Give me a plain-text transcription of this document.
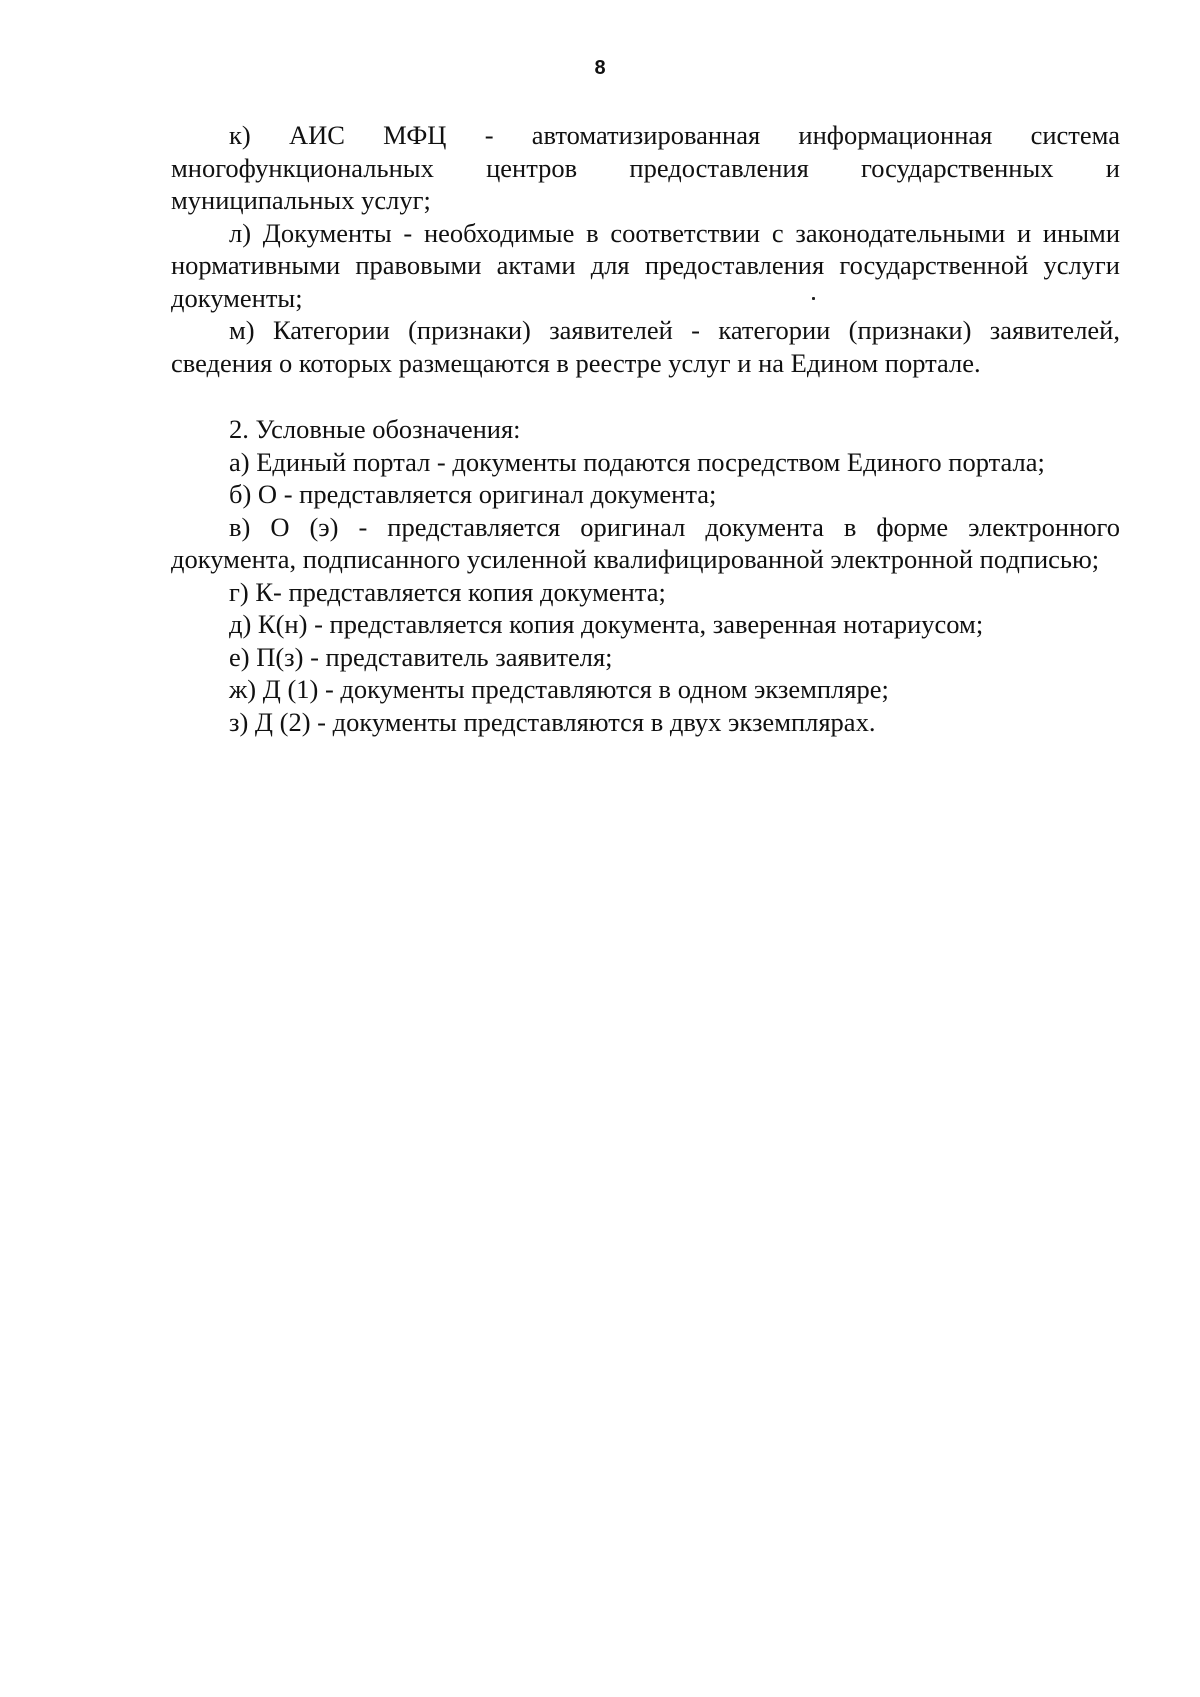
8

к) АИС МФЦ - автоматизированная информационная система многофункциональных центров предоставления государственных и муниципальных услуг;

л) Документы - необходимые в соответствии с законодательными и иными нормативными правовыми актами для предоставления государственной услуги документы;

м) Категории (признаки) заявителей - категории (признаки) заявителей, сведения о которых размещаются в реестре услуг и на Едином портале.

2. Условные обозначения:

а) Единый портал - документы подаются посредством Единого портала;

б) О - представляется оригинал документа;

в) О (э) - представляется оригинал документа в форме электронного документа, подписанного усиленной квалифицированной электронной подписью;

г) К- представляется копия документа;

д) К(н) - представляется копия документа, заверенная нотариусом;

е) П(з) - представитель заявителя;

ж) Д (1) - документы представляются в одном экземпляре;

з) Д (2) - документы представляются в двух экземплярах.
